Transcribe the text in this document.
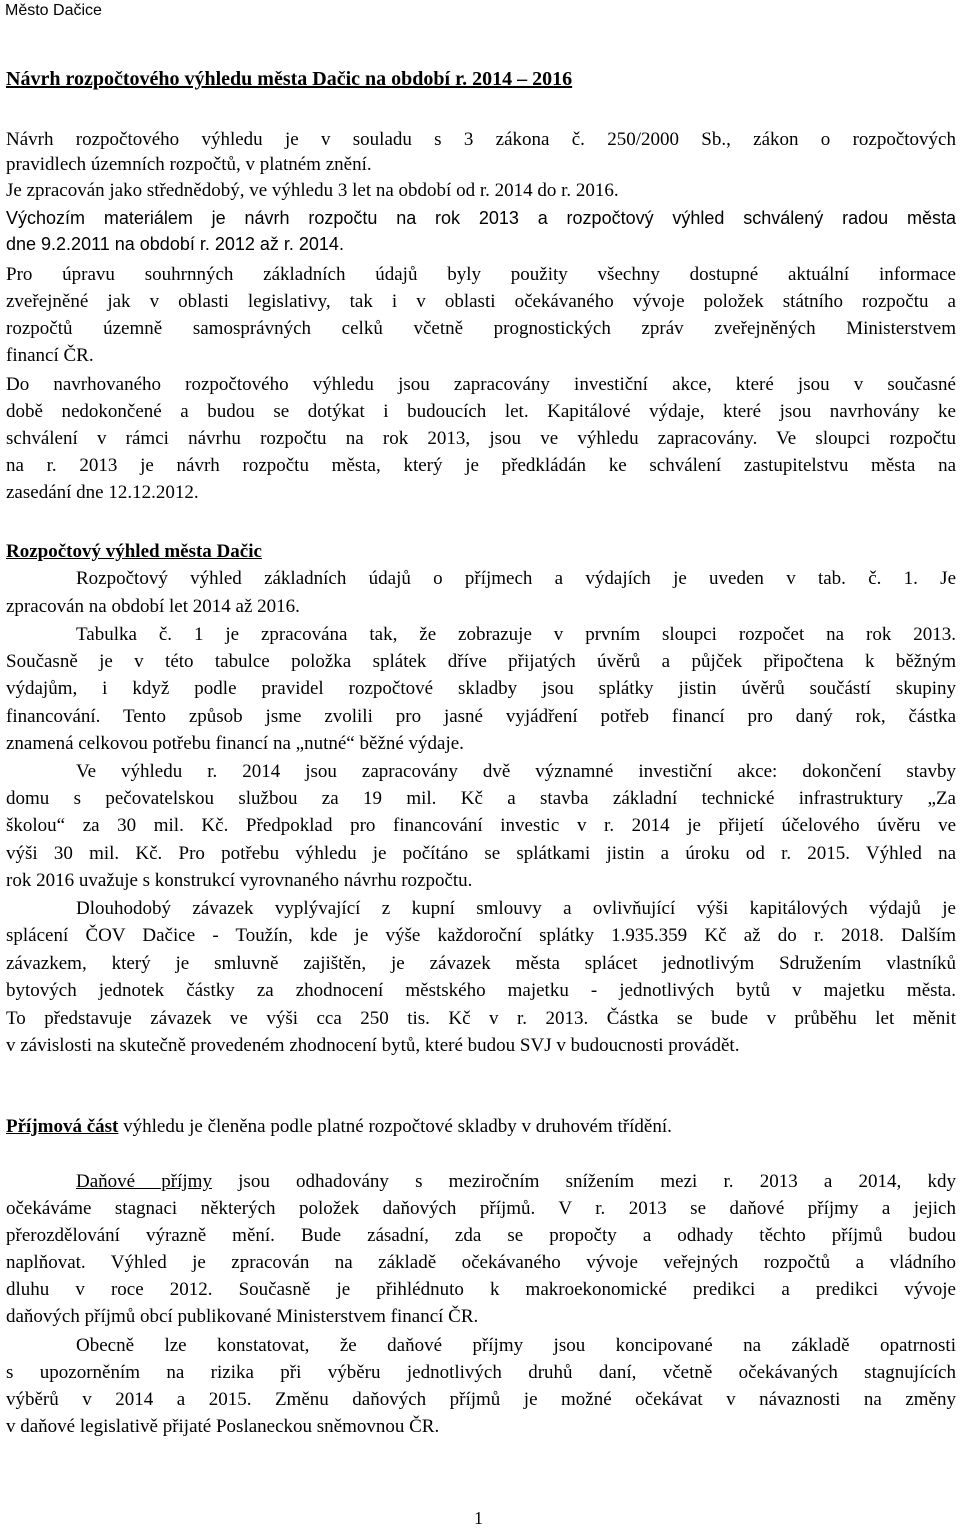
Město Dačice
Návrh rozpočtového výhledu města Dačic na období r. 2014 – 2016
Návrh rozpočtového výhledu je v souladu s 3 zákona č. 250/2000 Sb., zákon o rozpočtových
pravidlech územních rozpočtů, v platném znění.
Je zpracován jako střednědobý, ve výhledu 3 let na období od r. 2014 do r. 2016.
Výchozím materiálem je návrh rozpočtu na rok 2013 a rozpočtový výhled schválený radou města
dne 9.2.2011 na období r. 2012 až r. 2014.
Pro úpravu souhrnných základních údajů byly použity všechny dostupné aktuální informace
zveřejněné jak v oblasti legislativy, tak i v oblasti očekávaného vývoje položek státního rozpočtu a
rozpočtů územně samosprávných celků včetně prognostických zpráv zveřejněných Ministerstvem
financí ČR.
Do navrhovaného rozpočtového výhledu jsou zapracovány investiční akce, které jsou v současné
době nedokončené a budou se dotýkat i budoucích let. Kapitálové výdaje, které jsou navrhovány ke
schválení v rámci návrhu rozpočtu na rok 2013, jsou ve výhledu zapracovány. Ve sloupci rozpočtu
na r. 2013 je návrh rozpočtu města, který je předkládán ke schválení zastupitelstvu města na
zasedání dne 12.12.2012.
Rozpočtový výhled města Dačic
Rozpočtový výhled základních údajů o příjmech a výdajích je uveden v tab. č. 1. Je
zpracován na období let 2014 až 2016.
Tabulka č. 1 je zpracována tak, že zobrazuje v prvním sloupci rozpočet na rok 2013.
Současně je v této tabulce položka splátek dříve přijatých úvěrů a půjček připočtena k běžným
výdajům, i když podle pravidel rozpočtové skladby jsou splátky jistin úvěrů součástí skupiny
financování. Tento způsob jsme zvolili pro jasné vyjádření potřeb financí pro daný rok, částka
znamená celkovou potřebu financí na „nutné“ běžné výdaje.
Ve výhledu r. 2014 jsou zapracovány dvě významné investiční akce: dokončení stavby
domu s pečovatelskou službou za 19 mil. Kč a stavba základní technické infrastruktury „Za
školou“ za 30 mil. Kč. Předpoklad pro financování investic v r. 2014 je přijetí účelového úvěru ve
výši 30 mil. Kč. Pro potřebu výhledu je počítáno se splátkami jistin a úroku od r. 2015. Výhled na
rok 2016 uvažuje s konstrukcí vyrovnaného návrhu rozpočtu.
Dlouhodobý závazek vyplývající z kupní smlouvy a ovlivňující výši kapitálových výdajů je
splácení ČOV Dačice - Toužín, kde je výše každoroční splátky 1.935.359 Kč až do r. 2018. Dalším
závazkem, který je smluvně zajištěn, je závazek města splácet jednotlivým Sdružením vlastníků
bytových jednotek částky za zhodnocení městského majetku - jednotlivých bytů v majetku města.
To představuje závazek ve výši cca 250 tis. Kč v r. 2013. Částka se bude v průběhu let měnit
v závislosti na skutečně provedeném zhodnocení bytů, které budou SVJ v budoucnosti provádět.
Příjmová část výhledu je členěna podle platné rozpočtové skladby v druhovém třídění.
Daňové příjmy jsou odhadovány s meziročním snížením mezi r. 2013 a 2014, kdy
očekáváme stagnaci některých položek daňových příjmů. V r. 2013 se daňové příjmy a jejich
přerozdělování výrazně mění. Bude zásadní, zda se propočty a odhady těchto příjmů budou
naplňovat. Výhled je zpracován na základě očekávaného vývoje veřejných rozpočtů a vládního
dluhu v roce 2012. Současně je přihlédnuto k makroekonomické predikci a predikci vývoje
daňových příjmů obcí publikované Ministerstvem financí ČR.
Obecně lze konstatovat, že daňové příjmy jsou koncipované na základě opatrnosti
s upozorněním na rizika při výběru jednotlivých druhů daní, včetně očekávaných stagnujících
výběrů v 2014 a 2015. Změnu daňových příjmů je možné očekávat v návaznosti na změny
v daňové legislativě přijaté Poslaneckou sněmovnou ČR.
1
